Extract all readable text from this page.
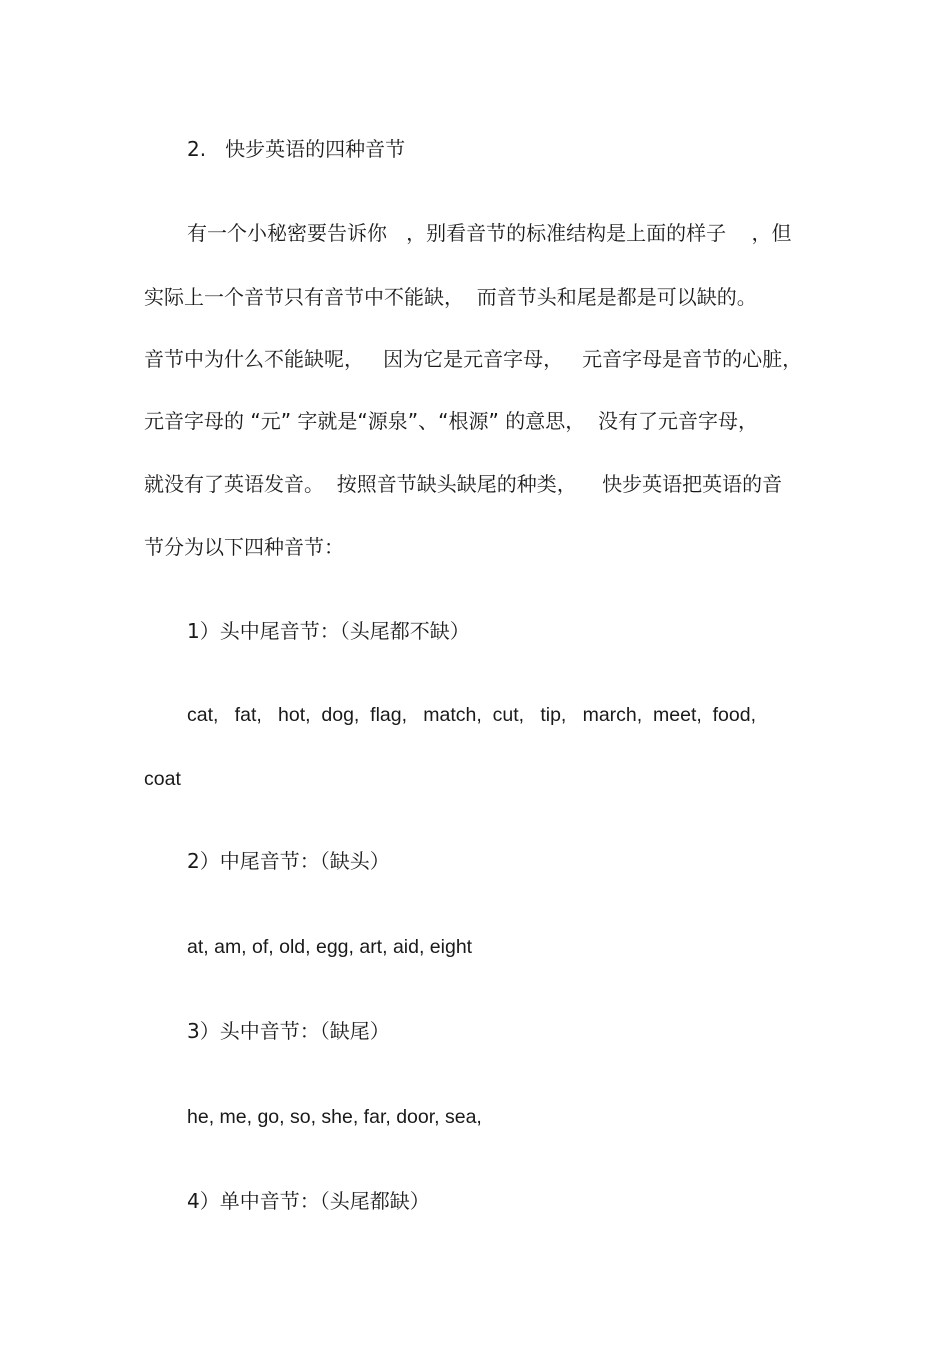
2.   快步英语的四种音节

有一个小秘密要告诉你   ，别看音节的标准结构是上面的样子    ，但

实际上一个音节只有音节中不能缺，  而音节头和尾是都是可以缺的。

音节中为什么不能缺呢，   因为它是元音字母，   元音字母是音节的心脏，

元音字母的 “元” 字就是“源泉”、“根源” 的意思，  没有了元音字母，

就没有了英语发音。  按照音节缺头缺尾的种类，    快步英语把英语的音

节分为以下四种音节：

1）头中尾音节：（头尾都不缺）

cat,   fat,   hot,  dog,  flag,   match,  cut,   tip,   march,  meet,  food,

coat

2）中尾音节：（缺头）

at, am, of, old, egg, art, aid, eight

3）头中音节：（缺尾）

he, me, go, so, she, far, door, sea,

4）单中音节：（头尾都缺）
